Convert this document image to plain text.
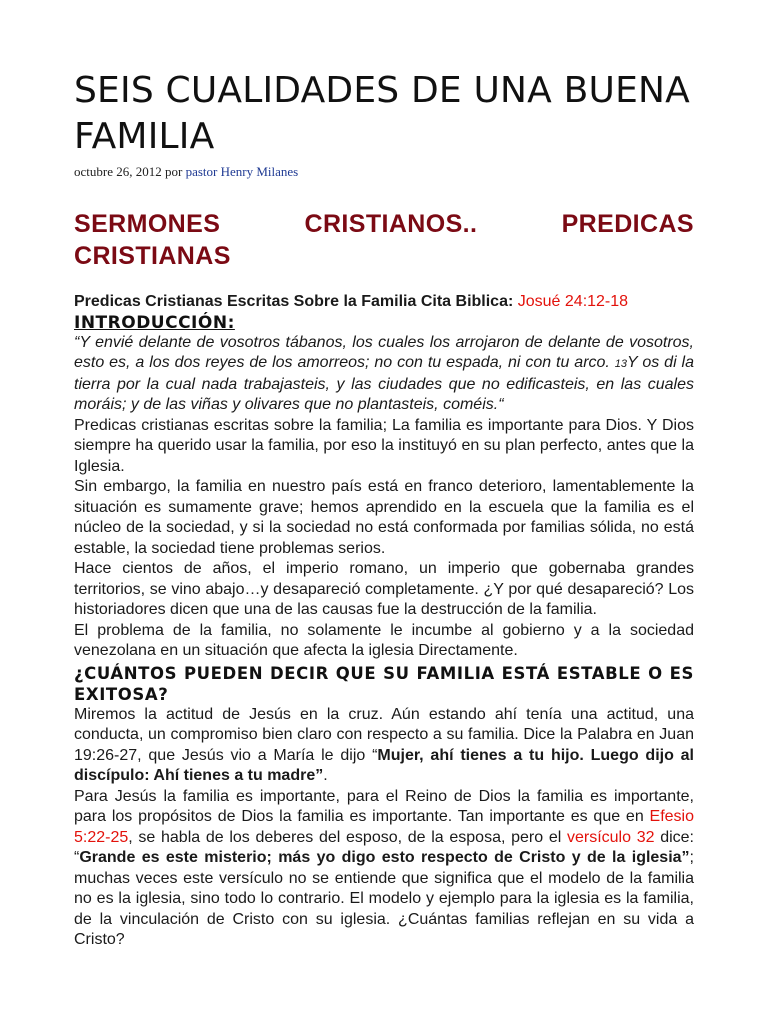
SEIS CUALIDADES DE UNA BUENA FAMILIA
octubre 26, 2012 por pastor Henry Milanes
SERMONES CRISTIANOS.. PREDICAS CRISTIANAS

Predicas Cristianas Escritas Sobre la Familia Cita Biblica: Josué 24:12-18

INTRODUCCIÓN:

“Y envié delante de vosotros tábanos, los cuales los arrojaron de delante de vosotros, esto es, a los dos reyes de los amorreos; no con tu espada, ni con tu arco. 13Y os di la tierra por la cual nada trabajasteis, y las ciudades que no edificasteis, en las cuales moráis; y de las viñas y olivares que no plantasteis, coméis.“

Predicas cristianas escritas sobre la familia; La familia es importante para Dios. Y Dios siempre ha querido usar la familia, por eso la instituyó en su plan perfecto, antes que la Iglesia.

Sin embargo, la familia en nuestro país está en franco deterioro, lamentablemente la situación es sumamente grave; hemos aprendido en la escuela que la familia es el núcleo de la sociedad, y si la sociedad no está conformada por familias sólida, no está estable, la sociedad tiene problemas serios.

Hace cientos de años, el imperio romano, un imperio que gobernaba grandes territorios, se vino abajo…y desapareció completamente. ¿Y por qué desapareció? Los historiadores dicen que una de las causas fue la destrucción de la familia.

El problema de la familia, no solamente le incumbe al gobierno y a la sociedad venezolana en un situación que afecta la iglesia Directamente.

¿CUÁNTOS PUEDEN DECIR QUE SU FAMILIA ESTÁ ESTABLE O ES EXITOSA?

Miremos la actitud de Jesús en la cruz. Aún estando ahí tenía una actitud, una conducta, un compromiso bien claro con respecto a su familia. Dice la Palabra en Juan 19:26-27, que Jesús vio a María le dijo “Mujer, ahí tienes a tu hijo. Luego dijo al discípulo: Ahí tienes a tu madre”.

Para Jesús la familia es importante, para el Reino de Dios la familia es importante, para los propósitos de Dios la familia es importante. Tan importante es que en Efesio 5:22-25, se habla de los deberes del esposo, de la esposa, pero el versículo 32 dice: “Grande es este misterio; más yo digo esto respecto de Cristo y de la iglesia”; muchas veces este versículo no se entiende que significa que el modelo de la familia no es la iglesia, sino todo lo contrario. El modelo y ejemplo para la iglesia es la familia, de la vinculación de Cristo con su iglesia. ¿Cuántas familias reflejan en su vida a Cristo?
